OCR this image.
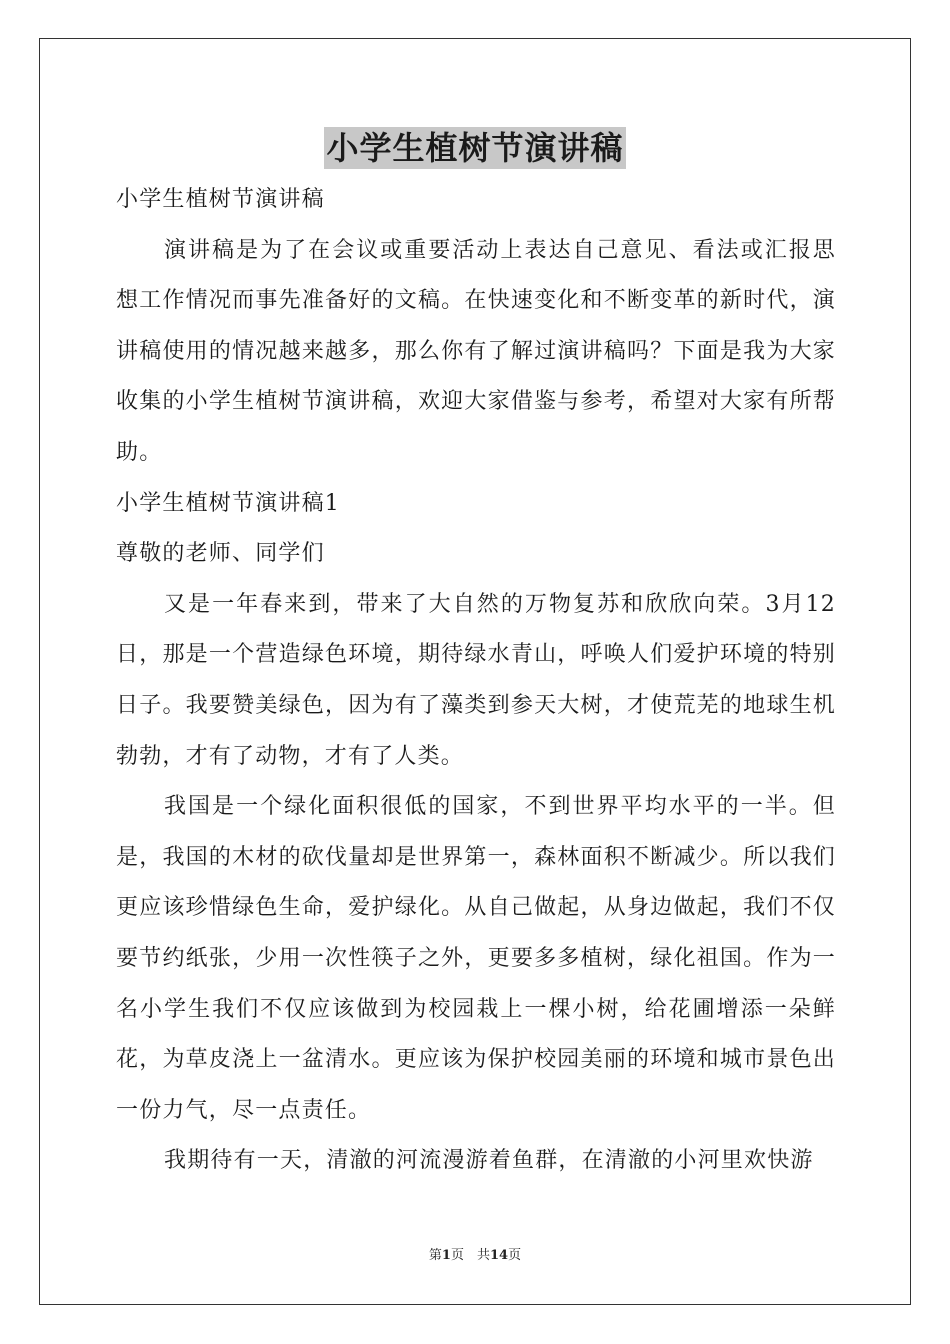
小学生植树节演讲稿

小学生植树节演讲稿

演讲稿是为了在会议或重要活动上表达自己意见、看法或汇报思想工作情况而事先准备好的文稿。在快速变化和不断变革的新时代，演讲稿使用的情况越来越多，那么你有了解过演讲稿吗？下面是我为大家收集的小学生植树节演讲稿，欢迎大家借鉴与参考，希望对大家有所帮助。

小学生植树节演讲稿1

尊敬的老师、同学们

又是一年春来到，带来了大自然的万物复苏和欣欣向荣。3月12日，那是一个营造绿色环境，期待绿水青山，呼唤人们爱护环境的特别日子。我要赞美绿色，因为有了藻类到参天大树，才使荒芜的地球生机勃勃，才有了动物，才有了人类。

我国是一个绿化面积很低的国家，不到世界平均水平的一半。但是，我国的木材的砍伐量却是世界第一，森林面积不断减少。所以我们更应该珍惜绿色生命，爱护绿化。从自己做起，从身边做起，我们不仅要节约纸张，少用一次性筷子之外，更要多多植树，绿化祖国。作为一名小学生我们不仅应该做到为校园栽上一棵小树，给花圃增添一朵鲜花，为草皮浇上一盆清水。更应该为保护校园美丽的环境和城市景色出一份力气，尽一点责任。

我期待有一天，清澈的河流漫游着鱼群，在清澈的小河里欢快游

第1页　共14页
